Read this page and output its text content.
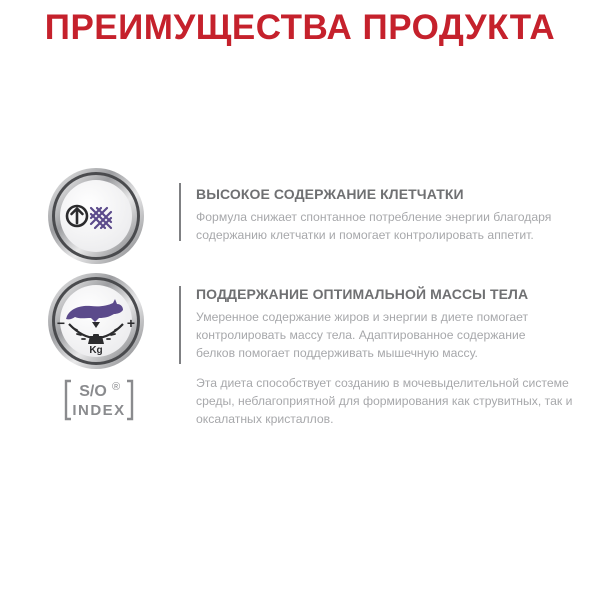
ПРЕИМУЩЕСТВА ПРОДУКТА
ВЫСОКОЕ СОДЕРЖАНИЕ КЛЕТЧАТКИ
Формула снижает спонтанное потребление энергии благодаря содержанию клетчатки и помогает контролировать аппетит.
Kg
−	+
ПОДДЕРЖАНИЕ ОПТИМАЛЬНОЙ МАССЫ ТЕЛА
Умеренное содержание жиров и энергии в диете помогает контролировать массу тела. Адаптированное содержание белков помогает поддерживать мышечную массу.
S/O ®
INDEX
Эта диета способствует созданию в мочевыделительной системе среды, неблагоприятной для формирования как струвитных, так и оксалатных кристаллов.
